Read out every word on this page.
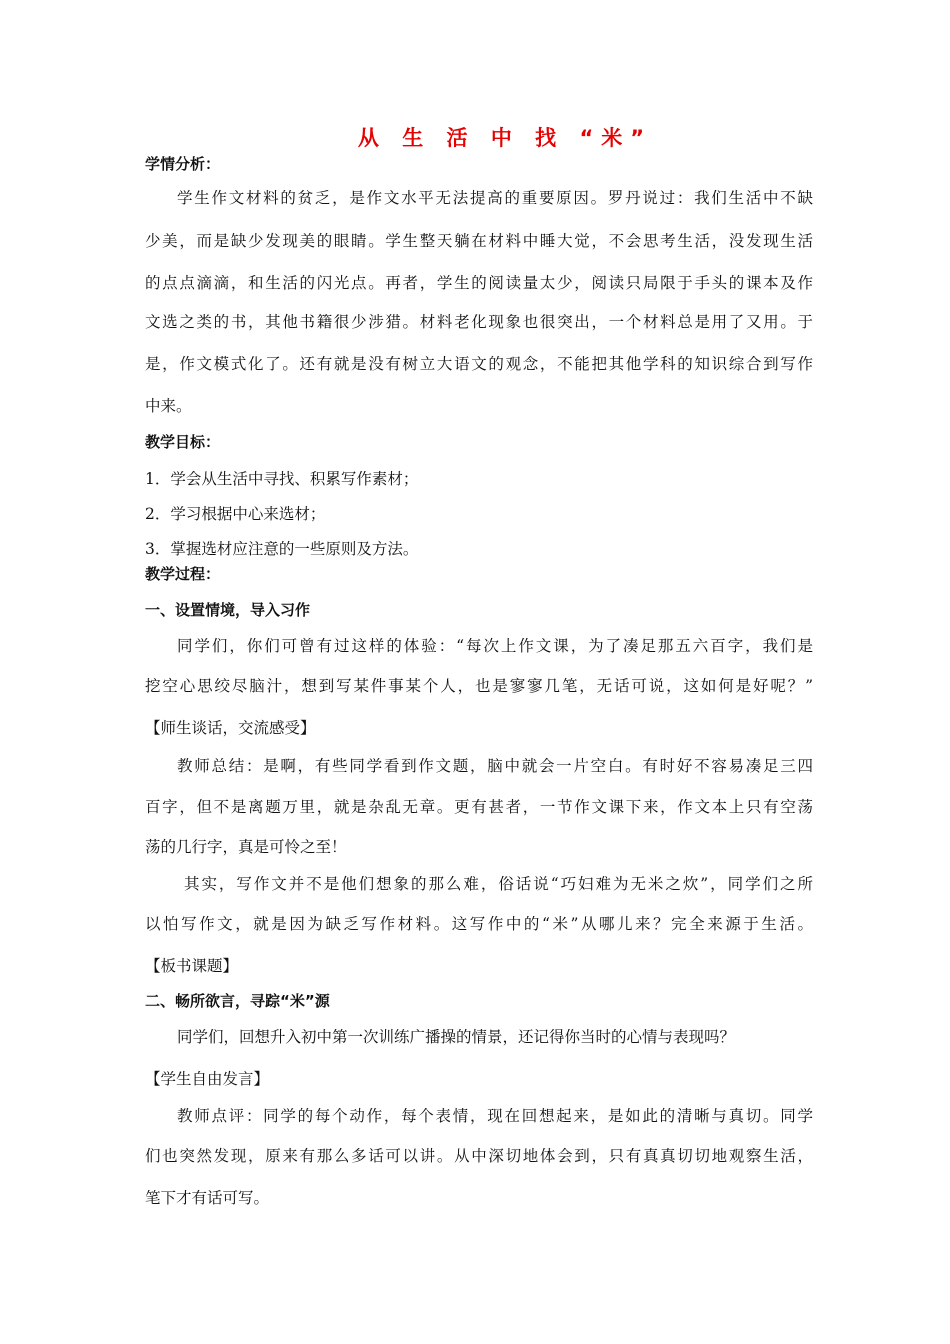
从 生 活 中 找 “米”
学情分析：
学生作文材料的贫乏，是作文水平无法提高的重要原因。罗丹说过：我们生活中不缺
少美，而是缺少发现美的眼睛。学生整天躺在材料中睡大觉，不会思考生活，没发现生活
的点点滴滴，和生活的闪光点。再者，学生的阅读量太少，阅读只局限于手头的课本及作
文选之类的书，其他书籍很少涉猎。材料老化现象也很突出，一个材料总是用了又用。于
是，作文模式化了。还有就是没有树立大语文的观念，不能把其他学科的知识综合到写作
中来。
教学目标：
1．学会从生活中寻找、积累写作素材；
2．学习根据中心来选材；
3．掌握选材应注意的一些原则及方法。
教学过程：
一、设置情境，导入习作
同学们，你们可曾有过这样的体验：“每次上作文课，为了凑足那五六百字，我们是
挖空心思绞尽脑汁，想到写某件事某个人，也是寥寥几笔，无话可说，这如何是好呢？”
【师生谈话，交流感受】
教师总结：是啊，有些同学看到作文题，脑中就会一片空白。有时好不容易凑足三四
百字，但不是离题万里，就是杂乱无章。更有甚者，一节作文课下来，作文本上只有空荡
荡的几行字，真是可怜之至！
其实，写作文并不是他们想象的那么难，俗话说“巧妇难为无米之炊”，同学们之所
以怕写作文，就是因为缺乏写作材料。这写作中的“米”从哪儿来？完全来源于生活。
【板书课题】
二、畅所欲言，寻踪“米”源
同学们，回想升入初中第一次训练广播操的情景，还记得你当时的心情与表现吗？
【学生自由发言】
教师点评：同学的每个动作，每个表情，现在回想起来，是如此的清晰与真切。同学
们也突然发现，原来有那么多话可以讲。从中深切地体会到，只有真真切切地观察生活，
笔下才有话可写。
